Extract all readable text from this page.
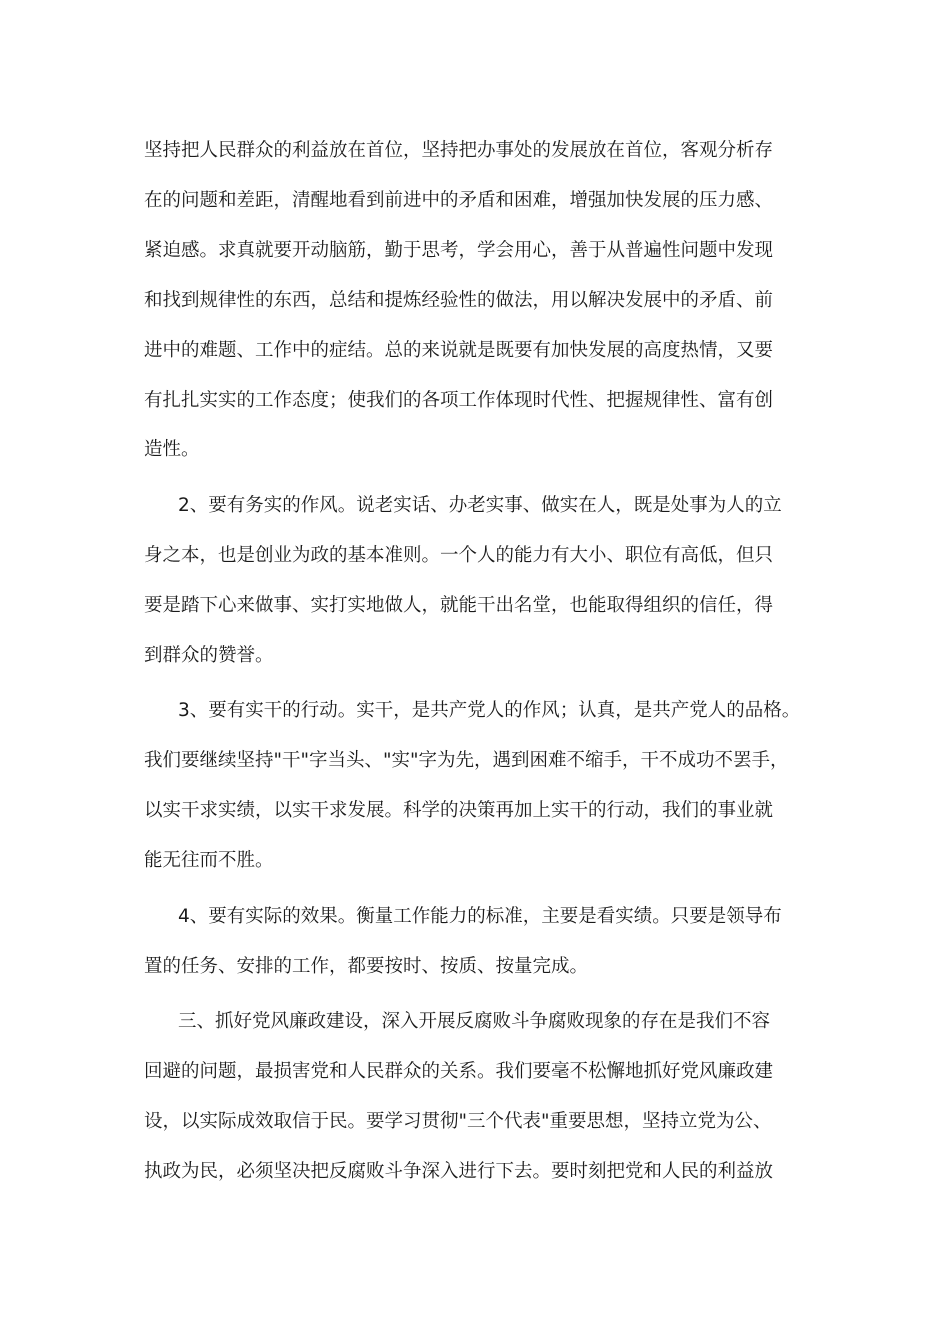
坚持把人民群众的利益放在首位，坚持把办事处的发展放在首位，客观分析存
在的问题和差距，清醒地看到前进中的矛盾和困难，增强加快发展的压力感、
紧迫感。求真就要开动脑筋，勤于思考，学会用心，善于从普遍性问题中发现
和找到规律性的东西，总结和提炼经验性的做法，用以解决发展中的矛盾、前
进中的难题、工作中的症结。总的来说就是既要有加快发展的高度热情，又要
有扎扎实实的工作态度；使我们的各项工作体现时代性、把握规律性、富有创
造性。
2、要有务实的作风。说老实话、办老实事、做实在人，既是处事为人的立
身之本，也是创业为政的基本准则。一个人的能力有大小、职位有高低，但只
要是踏下心来做事、实打实地做人，就能干出名堂，也能取得组织的信任，得
到群众的赞誉。
3、要有实干的行动。实干，是共产党人的作风；认真，是共产党人的品格。
我们要继续坚持"干"字当头、"实"字为先，遇到困难不缩手，干不成功不罢手，
以实干求实绩，以实干求发展。科学的决策再加上实干的行动，我们的事业就
能无往而不胜。
4、要有实际的效果。衡量工作能力的标准，主要是看实绩。只要是领导布
置的任务、安排的工作，都要按时、按质、按量完成。
三、抓好党风廉政建设，深入开展反腐败斗争腐败现象的存在是我们不容
回避的问题，最损害党和人民群众的关系。我们要毫不松懈地抓好党风廉政建
设，以实际成效取信于民。要学习贯彻"三个代表"重要思想，坚持立党为公、
执政为民，必须坚决把反腐败斗争深入进行下去。要时刻把党和人民的利益放
